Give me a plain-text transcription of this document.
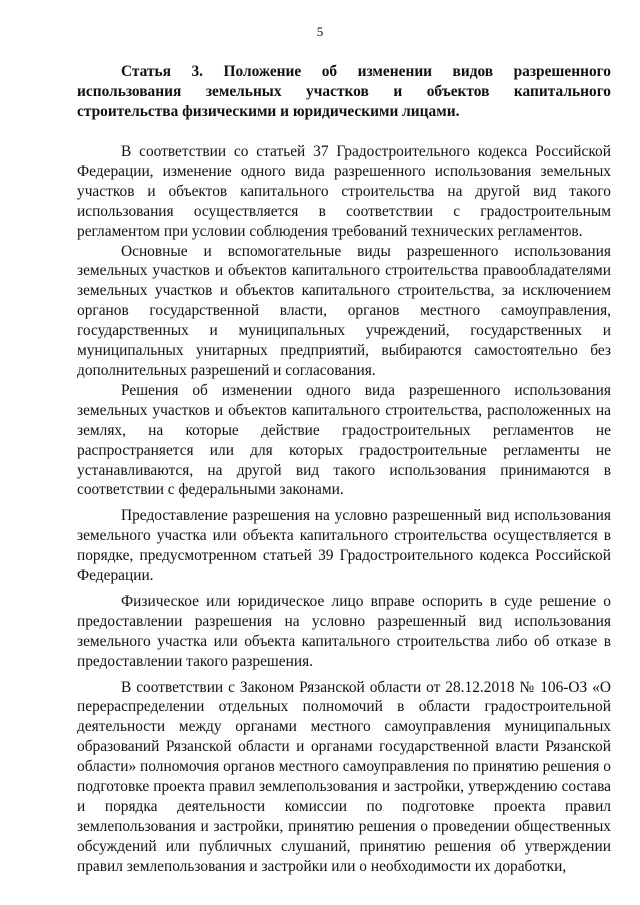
5

Статья 3. Положение об изменении видов разрешенного использования земельных участков и объектов капитального строительства физическими и юридическими лицами.

В соответствии со статьей 37 Градостроительного кодекса Российской Федерации, изменение одного вида разрешенного использования земельных участков и объектов капитального строительства на другой вид такого использования осуществляется в соответствии с градостроительным регламентом при условии соблюдения требований технических регламентов.

Основные и вспомогательные виды разрешенного использования земельных участков и объектов капитального строительства правообладателями земельных участков и объектов капитального строительства, за исключением органов государственной власти, органов местного самоуправления, государственных и муниципальных учреждений, государственных и муниципальных унитарных предприятий, выбираются самостоятельно без дополнительных разрешений и согласования.

Решения об изменении одного вида разрешенного использования земельных участков и объектов капитального строительства, расположенных на землях, на которые действие градостроительных регламентов не распространяется или для которых градостроительные регламенты не устанавливаются, на другой вид такого использования принимаются в соответствии с федеральными законами.

Предоставление разрешения на условно разрешенный вид использования земельного участка или объекта капитального строительства осуществляется в порядке, предусмотренном статьей 39 Градостроительного кодекса Российской Федерации.

Физическое или юридическое лицо вправе оспорить в суде решение о предоставлении разрешения на условно разрешенный вид использования земельного участка или объекта капитального строительства либо об отказе в предоставлении такого разрешения.

В соответствии с Законом Рязанской области от 28.12.2018 № 106-ОЗ «О перераспределении отдельных полномочий в области градостроительной деятельности между органами местного самоуправления муниципальных образований Рязанской области и органами государственной власти Рязанской области» полномочия органов местного самоуправления по принятию решения о подготовке проекта правил землепользования и застройки, утверждению состава и порядка деятельности комиссии по подготовке проекта правил землепользования и застройки, принятию решения о проведении общественных обсуждений или публичных слушаний, принятию решения об утверждении правил землепользования и застройки или о необходимости их доработки,
